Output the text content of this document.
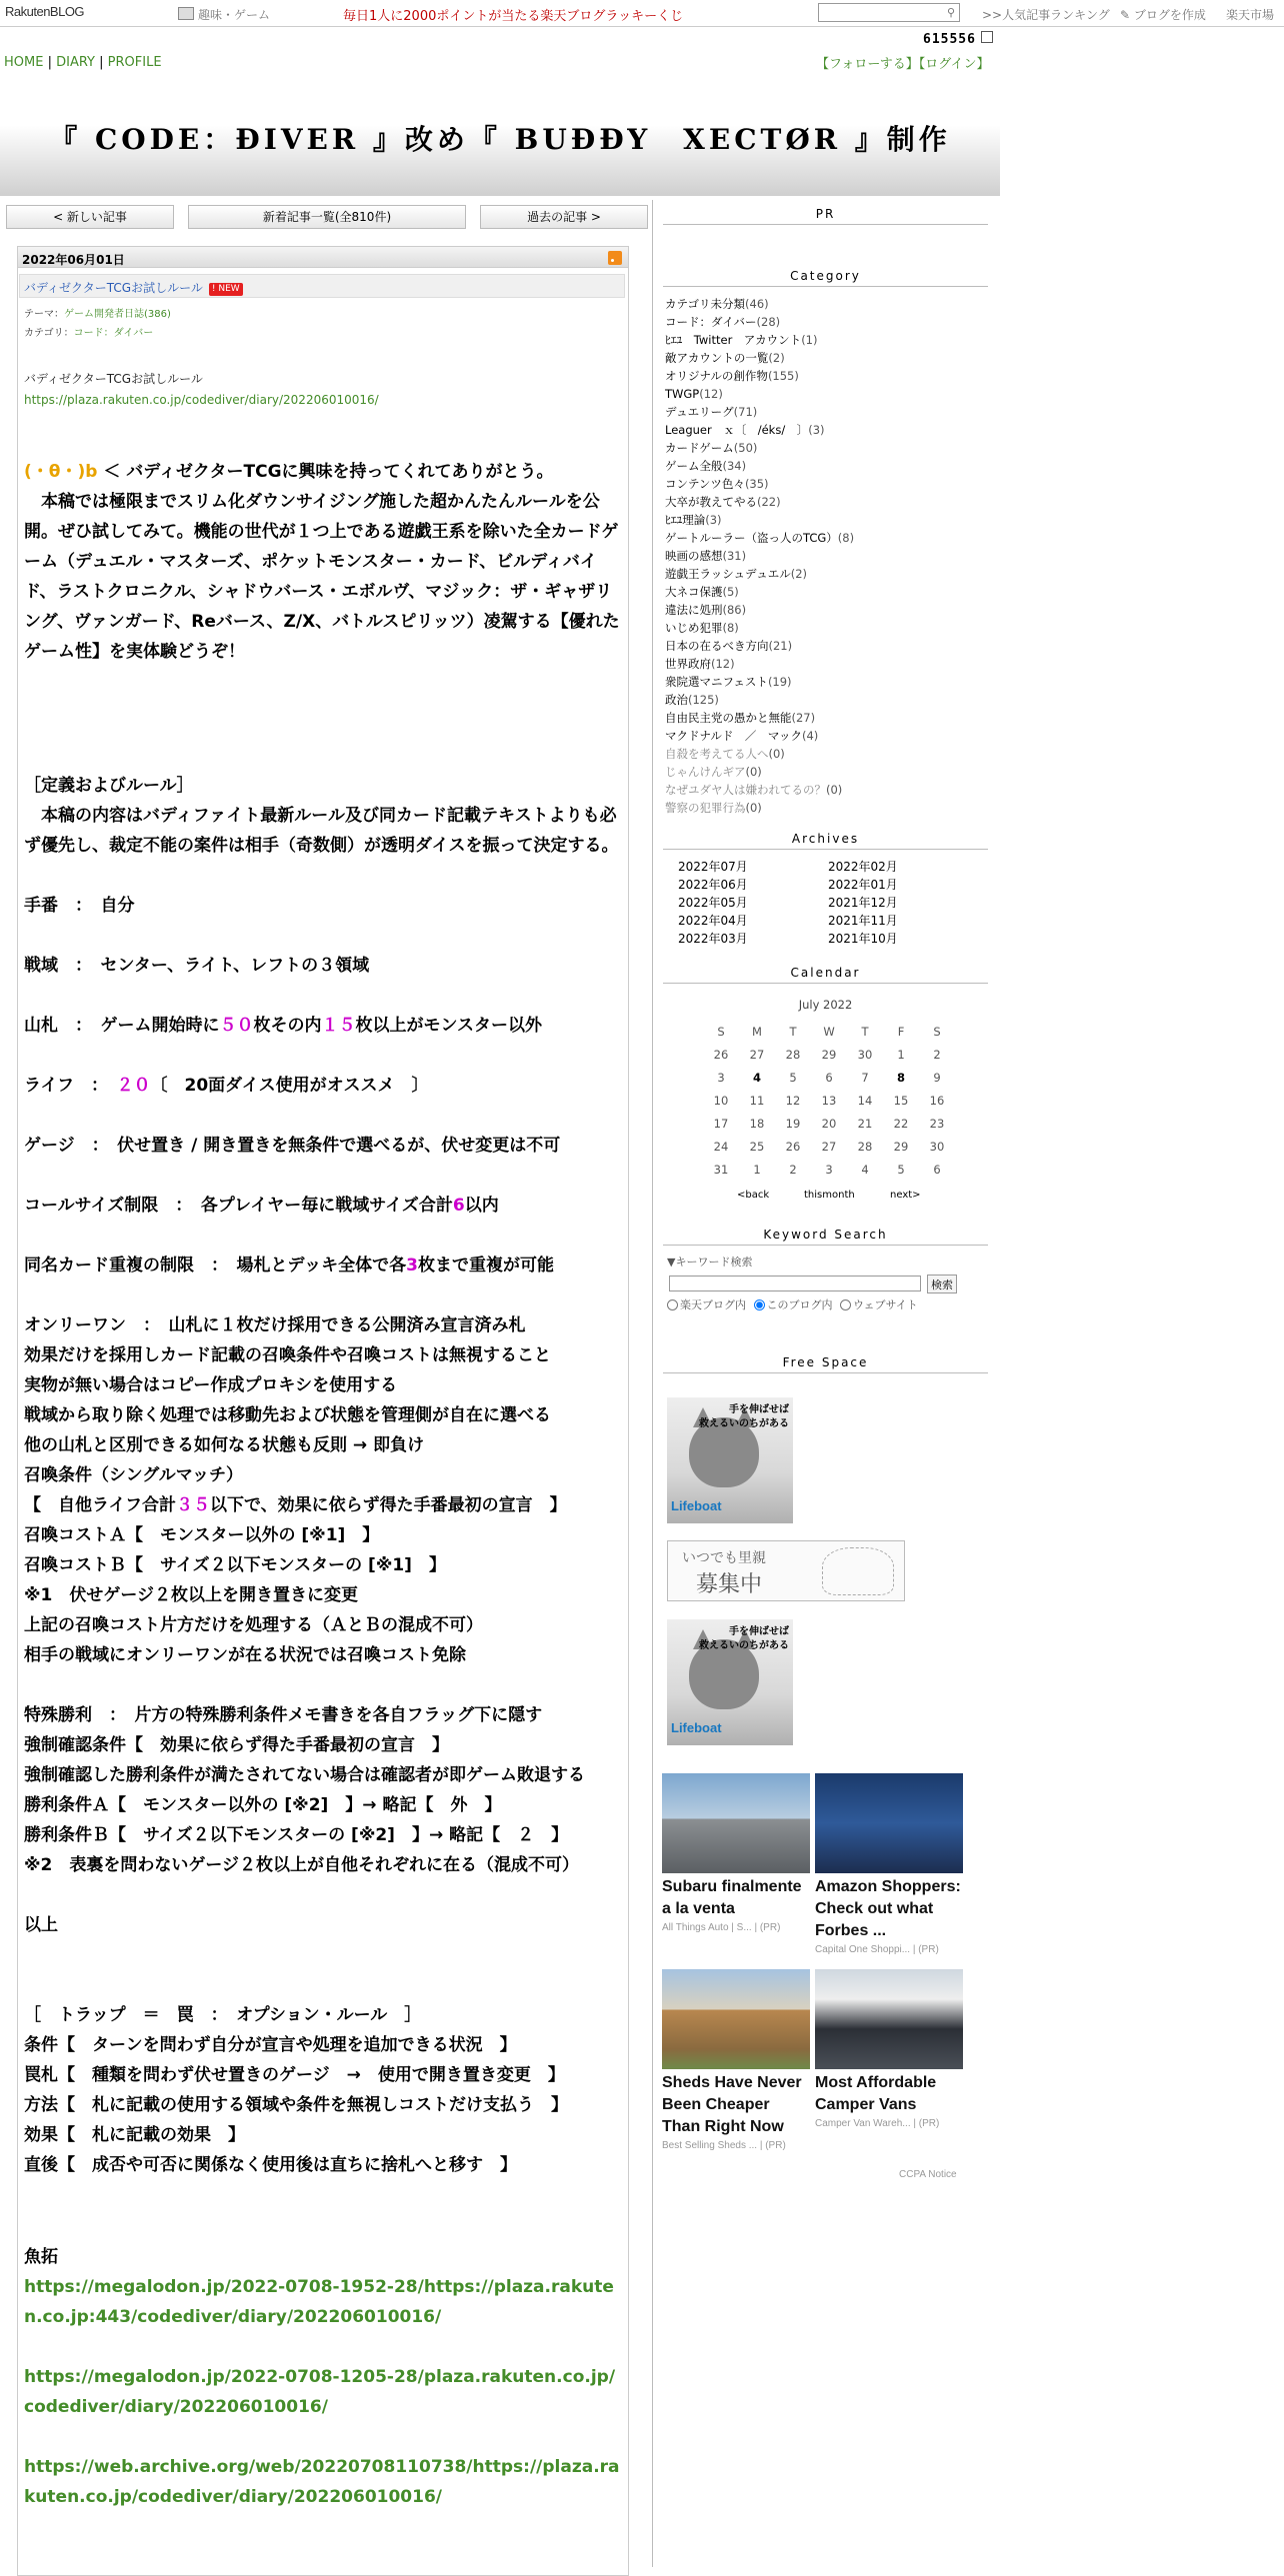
RakutenBLOG	趣味・ゲーム	毎日1人に2000ポイントが当たる楽天ブログラッキーくじ	⚲ >>人気記事ランキング ✎ ブログを作成 楽天市場
615556
HOME | DIARY | PROFILE	【フォローする】【ログイン】
『 CODE：ÐIVER 』改め『 BUÐÐY　XECTØR 』制作
< 新しい記事	新着記事一覧(全810件)	過去の記事 >
2022年06月01日
バディゼクターTCGお試しルール ! NEW
テーマ：ゲーム開発者日誌(386)
カテゴリ：コード：ダイバー
バディゼクターTCGお試しルール
https://plaza.rakuten.co.jp/codediver/diary/202206010016/

(・θ・)b ＜ バディゼクターTCGに興味を持ってくれてありがとう。

　本稿では極限までスリム化ダウンサイジング施した超かんたんルールを公開。ぜひ試してみて。機能の世代が１つ上である遊戯王系を除いた全カードゲーム（デュエル・マスターズ、ポケットモンスター・カード、ビルディバイド、ラストクロニクル、シャドウバース・エボルヴ、マジック：ザ・ギャザリング、ヴァンガード、Reバース、Z/X、バトルスピリッツ）凌駕する【優れたゲーム性】を実体験どうぞ！

［定義およびルール］

　本稿の内容はバディファイト最新ルール及び同カード記載テキストよりも必ず優先し、裁定不能の案件は相手（奇数側）が透明ダイスを振って決定する。

手番　：　自分

戦域　：　センター、ライト、レフトの３領域

山札　：　ゲーム開始時に５０枚その内１５枚以上がモンスター以外

ライフ　：　２０〔　20面ダイス使用がオススメ　〕

ゲージ　：　伏せ置き / 開き置きを無条件で選べるが、伏せ変更は不可

コールサイズ制限　：　各プレイヤー毎に戦域サイズ合計6以内

同名カード重複の制限　：　場札とデッキ全体で各3枚まで重複が可能

オンリーワン　：　山札に１枚だけ採用できる公開済み宣言済み札

効果だけを採用しカード記載の召喚条件や召喚コストは無視すること

実物が無い場合はコピー作成プロキシを使用する

戦域から取り除く処理では移動先および状態を管理側が自在に選べる

他の山札と区別できる如何なる状態も反則 → 即負け

召喚条件（シングルマッチ）

【　自他ライフ合計３５以下で、効果に依らず得た手番最初の宣言　】

召喚コストＡ【　モンスター以外の [※1]　】

召喚コストＢ【　サイズ２以下モンスターの [※1]　】

※1　伏せゲージ２枚以上を開き置きに変更

上記の召喚コスト片方だけを処理する（ＡとＢの混成不可）

相手の戦域にオンリーワンが在る状況では召喚コスト免除

特殊勝利　：　片方の特殊勝利条件メモ書きを各自フラッグ下に隠す

強制確認条件【　効果に依らず得た手番最初の宣言　】

強制確認した勝利条件が満たされてない場合は確認者が即ゲーム敗退する

勝利条件Ａ【　モンスター以外の [※2]　】→ 略記【　外　】

勝利条件Ｂ【　サイズ２以下モンスターの [※2]　】→ 略記【　２　】

※2　表裏を問わないゲージ２枚以上が自他それぞれに在る（混成不可）

以上

［　トラップ　＝　罠　：　オプション・ルール　］

条件【　ターンを問わず自分が宣言や処理を追加できる状況　】

罠札【　種類を問わず伏せ置きのゲージ　→　使用で開き置き変更　】

方法【　札に記載の使用する領域や条件を無視しコストだけ支払う　】

効果【　札に記載の効果　】

直後【　成否や可否に関係なく使用後は直ちに捨札へと移す　】

魚拓

https://megalodon.jp/2022-0708-1952-28/https://plaza.rakuten.co.jp:443/codediver/diary/202206010016/

https://megalodon.jp/2022-0708-1205-28/plaza.rakuten.co.jp/codediver/diary/202206010016/

https://web.archive.org/web/20220708110738/https://plaza.rakuten.co.jp/codediver/diary/202206010016/

PR
Category
カテゴリ未分類(46)
コード：ダイバー(28)
ﾋｴﾕ　Twitter　アカウント(1)
敵アカウントの一覧(2)
オリジナルの創作物(155)
TWGP(12)
デュエリーグ(71)
Leaguer　ｘ〔　/éks/　〕(3)
カードゲーム(50)
ゲーム全般(34)
コンテンツ色々(35)
大卒が教えてやる(22)
ﾋｴﾕ理論(3)
ゲートルーラー（盗っ人のTCG）(8)
映画の感想(31)
遊戯王ラッシュデュエル(2)
大ネコ保護(5)
違法に処刑(86)
いじめ犯罪(8)
日本の在るべき方向(21)
世界政府(12)
衆院選マニフェスト(19)
政治(125)
自由民主党の愚かと無能(27)
マクドナルド　／　マック(4)
自殺を考えてる人へ(0)
じゃんけんギア(0)
なぜユダヤ人は嫌われてるの？(0)
警察の犯罪行為(0)
Archives
2022年07月	2022年02月
2022年06月	2022年01月
2022年05月	2021年12月
2022年04月	2021年11月
2022年03月	2021年10月
Calendar
July 2022
S	M	T	W	T	F	S
26	27	28	29	30	1	2
3	4	5	6	7	8	9
10	11	12	13	14	15	16
17	18	19	20	21	22	23
24	25	26	27	28	29	30
31	1	2	3	4	5	6
<back	thismonth	next>
Keyword Search
▼キーワード検索
検索
楽天ブログ内 このブログ内 ウェブサイト
Free Space
手を伸ばせば
救えるいのちがある
Lifeboat
いつでも里親
募集中
手を伸ばせば
救えるいのちがある
Lifeboat
Subaru finalmente a la venta
All Things Auto | S... | (PR)
Amazon Shoppers: Check out what Forbes ...
Capital One Shoppi... | (PR)
Sheds Have Never Been Cheaper Than Right Now
Best Selling Sheds ... | (PR)
Most Affordable Camper Vans
Camper Van Wareh... | (PR)
CCPA Notice
